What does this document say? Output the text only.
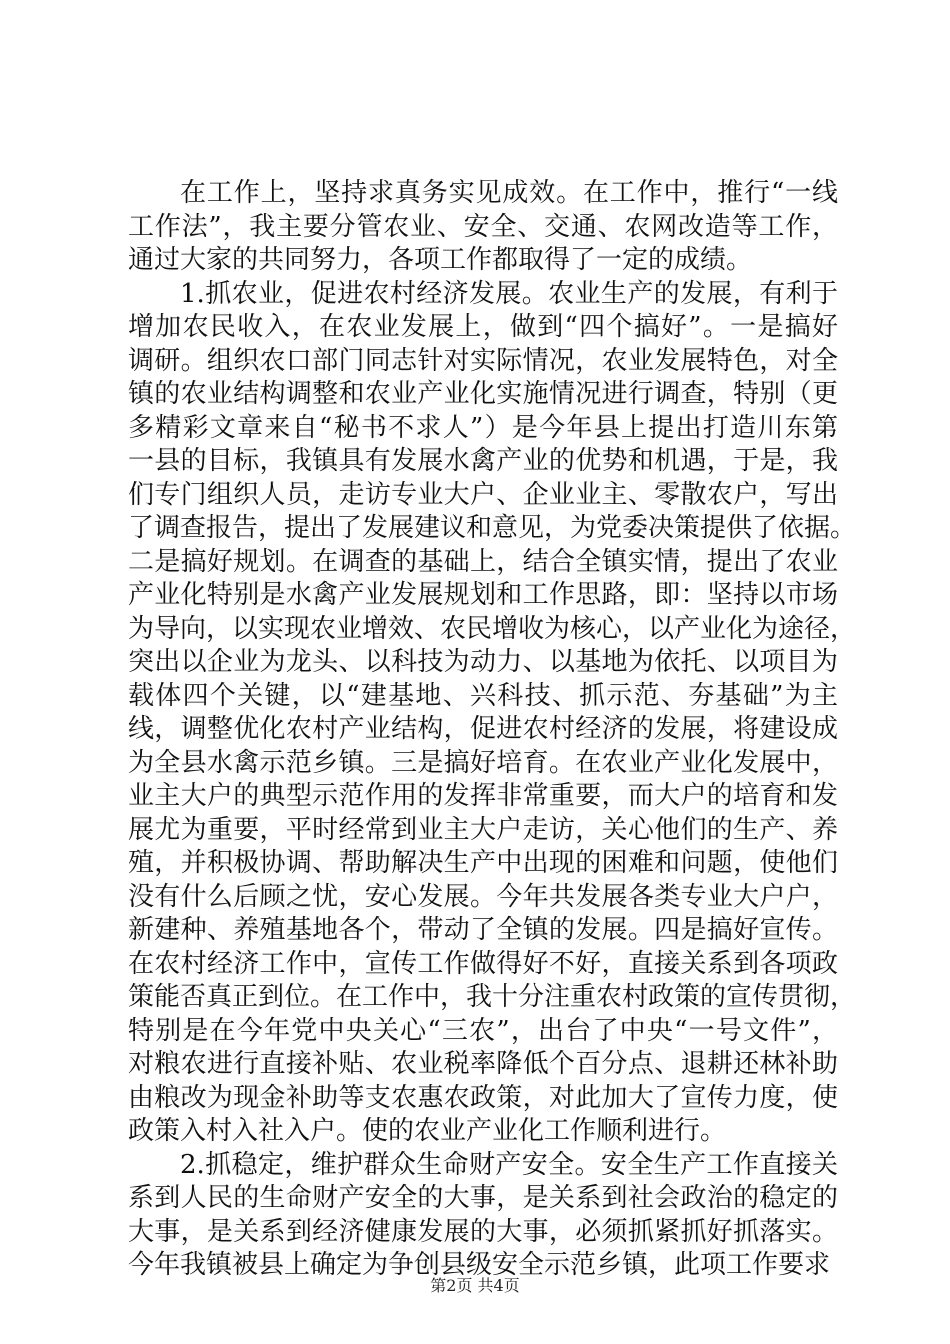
在工作上，坚持求真务实见成效。在工作中，推行“一线
工作法”，我主要分管农业、安全、交通、农网改造等工作，
通过大家的共同努力，各项工作都取得了一定的成绩。
1.抓农业，促进农村经济发展。农业生产的发展，有利于
增加农民收入，在农业发展上，做到“四个搞好”。一是搞好
调研。组织农口部门同志针对实际情况，农业发展特色，对全
镇的农业结构调整和农业产业化实施情况进行调查，特别（更
多精彩文章来自“秘书不求人”）是今年县上提出打造川东第
一县的目标，我镇具有发展水禽产业的优势和机遇，于是，我
们专门组织人员，走访专业大户、企业业主、零散农户，写出
了调查报告，提出了发展建议和意见，为党委决策提供了依据。
二是搞好规划。在调查的基础上，结合全镇实情，提出了农业
产业化特别是水禽产业发展规划和工作思路，即：坚持以市场
为导向，以实现农业增效、农民增收为核心，以产业化为途径，
突出以企业为龙头、以科技为动力、以基地为依托、以项目为
载体四个关键，以“建基地、兴科技、抓示范、夯基础”为主
线，调整优化农村产业结构，促进农村经济的发展，将建设成
为全县水禽示范乡镇。三是搞好培育。在农业产业化发展中，
业主大户的典型示范作用的发挥非常重要，而大户的培育和发
展尤为重要，平时经常到业主大户走访，关心他们的生产、养
殖，并积极协调、帮助解决生产中出现的困难和问题，使他们
没有什么后顾之忧，安心发展。今年共发展各类专业大户户，
新建种、养殖基地各个，带动了全镇的发展。四是搞好宣传。
在农村经济工作中，宣传工作做得好不好，直接关系到各项政
策能否真正到位。在工作中，我十分注重农村政策的宣传贯彻，
特别是在今年党中央关心“三农”，出台了中央“一号文件”，
对粮农进行直接补贴、农业税率降低个百分点、退耕还林补助
由粮改为现金补助等支农惠农政策，对此加大了宣传力度，使
政策入村入社入户。使的农业产业化工作顺利进行。
2.抓稳定，维护群众生命财产安全。安全生产工作直接关
系到人民的生命财产安全的大事，是关系到社会政治的稳定的
大事，是关系到经济健康发展的大事，必须抓紧抓好抓落实。
今年我镇被县上确定为争创县级安全示范乡镇，此项工作要求
第2页 共4页
